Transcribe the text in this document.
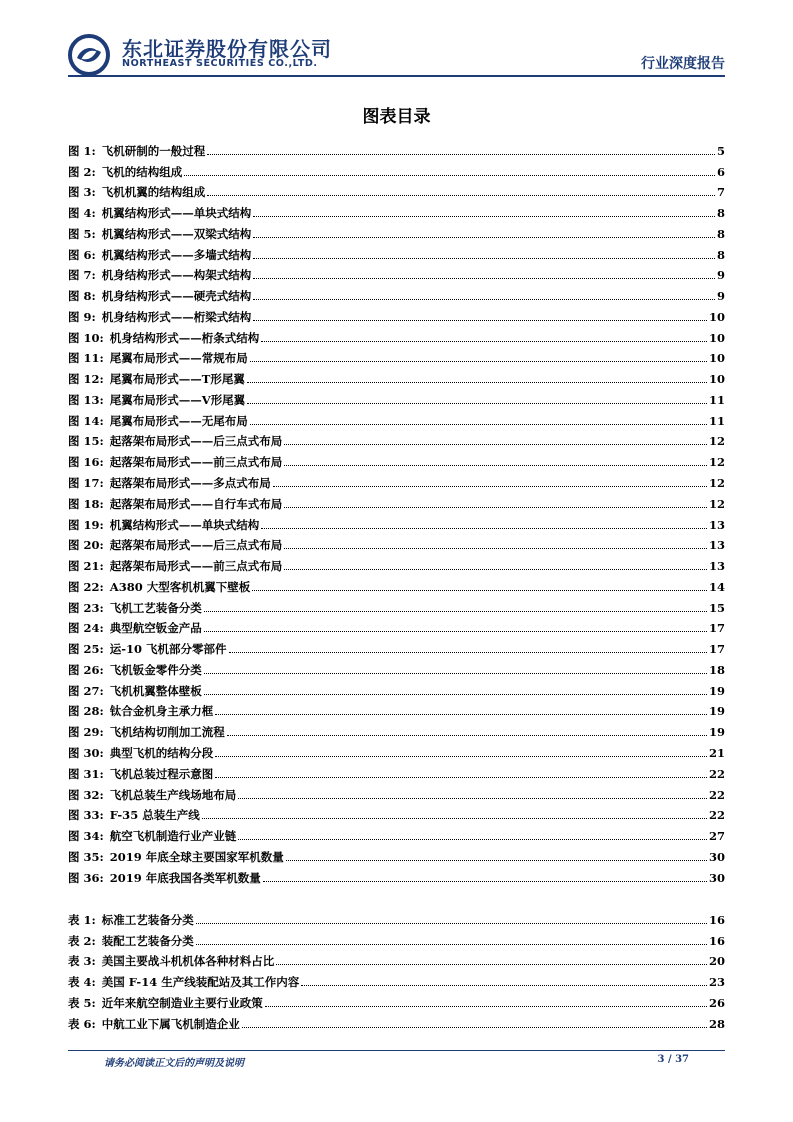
东北证券股份有限公司
NORTHEAST SECURITIES CO.,LTD.	行业深度报告
图表目录
图 1: 飞机研制的一般过程	5
图 2: 飞机的结构组成	6
图 3: 飞机机翼的结构组成	7
图 4: 机翼结构形式——单块式结构	8
图 5: 机翼结构形式——双梁式结构	8
图 6: 机翼结构形式——多墙式结构	8
图 7: 机身结构形式——构架式结构	9
图 8: 机身结构形式——硬壳式结构	9
图 9: 机身结构形式——桁梁式结构	10
图 10: 机身结构形式——桁条式结构	10
图 11: 尾翼布局形式——常规布局	10
图 12: 尾翼布局形式——T形尾翼	10
图 13: 尾翼布局形式——V形尾翼	11
图 14: 尾翼布局形式——无尾布局	11
图 15: 起落架布局形式——后三点式布局	12
图 16: 起落架布局形式——前三点式布局	12
图 17: 起落架布局形式——多点式布局	12
图 18: 起落架布局形式——自行车式布局	12
图 19: 机翼结构形式——单块式结构	13
图 20: 起落架布局形式——后三点式布局	13
图 21: 起落架布局形式——前三点式布局	13
图 22: A380 大型客机机翼下壁板	14
图 23: 飞机工艺装备分类	15
图 24: 典型航空钣金产品	17
图 25: 运-10 飞机部分零部件	17
图 26: 飞机钣金零件分类	18
图 27: 飞机机翼整体壁板	19
图 28: 钛合金机身主承力框	19
图 29: 飞机结构切削加工流程	19
图 30: 典型飞机的结构分段	21
图 31: 飞机总装过程示意图	22
图 32: 飞机总装生产线场地布局	22
图 33: F-35 总装生产线	22
图 34: 航空飞机制造行业产业链	27
图 35: 2019 年底全球主要国家军机数量	30
图 36: 2019 年底我国各类军机数量	30
表 1: 标准工艺装备分类	16
表 2: 装配工艺装备分类	16
表 3: 美国主要战斗机机体各种材料占比	20
表 4: 美国 F-14 生产线装配站及其工作内容	23
表 5: 近年来航空制造业主要行业政策	26
表 6: 中航工业下属飞机制造企业	28
请务必阅读正文后的声明及说明	3 / 37
